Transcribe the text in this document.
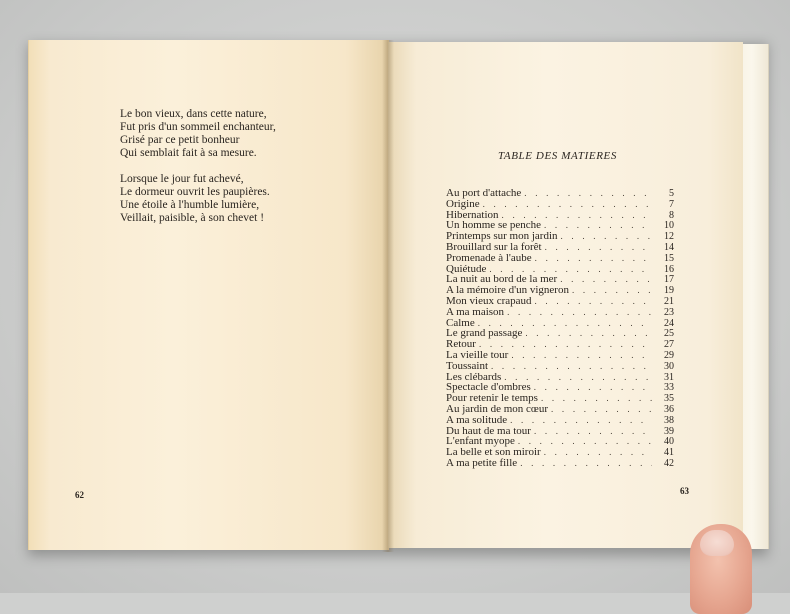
Le bon vieux, dans cette nature,
Fut pris d'un sommeil enchanteur,
Grisé par ce petit bonheur
Qui semblait fait à sa mesure.
Lorsque le jour fut achevé,
Le dormeur ouvrit les paupières.
Une étoile à l'humble lumière,
Veillait, paisible, à son chevet !
62
TABLE DES MATIERES
Au port d'attache . . .	5
Origine . . .	7
Hibernation . . .	8
Un homme se penche . . .	10
Printemps sur mon jardin . . .	12
Brouillard sur la forêt . . .	14
Promenade à l'aube . . .	15
Quiétude . . .	16
La nuit au bord de la mer . . .	17
A la mémoire d'un vigneron . . .	19
Mon vieux crapaud . . .	21
A ma maison . . .	23
Calme . . .	24
Le grand passage . . .	25
Retour . . .	27
La vieille tour . . .	29
Toussaint . . .	30
Les clébards . . .	31
Spectacle d'ombres . . .	33
Pour retenir le temps . . .	35
Au jardin de mon cœur . . .	36
A ma solitude . . .	38
Du haut de ma tour . . .	39
L'enfant myope . . .	40
La belle et son miroir . . .	41
A ma petite fille . . .	42
63
